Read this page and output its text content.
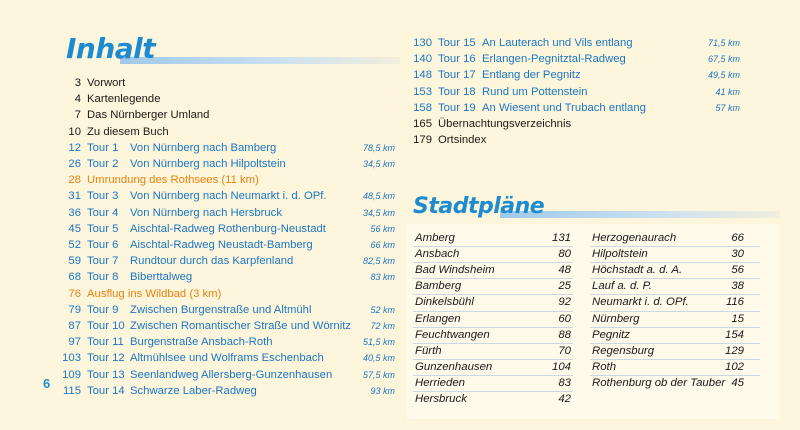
Inhalt
3 Vorwort
4 Kartenlegende
7 Das Nürnberger Umland
10 Zu diesem Buch
12 Tour 1 Von Nürnberg nach Bamberg	78,5 km
26 Tour 2 Von Nürnberg nach Hilpoltstein	34,5 km
28 Umrundung des Rothsees (11 km)
31 Tour 3 Von Nürnberg nach Neumarkt i. d. OPf.	48,5 km
36 Tour 4 Von Nürnberg nach Hersbruck	34,5 km
45 Tour 5 Aischtal-Radweg Rothenburg-Neustadt	56 km
52 Tour 6 Aischtal-Radweg Neustadt-Bamberg	66 km
59 Tour 7 Rundtour durch das Karpfenland	82,5 km
68 Tour 8 Biberttalweg	83 km
76 Ausflug ins Wildbad (3 km)
79 Tour 9 Zwischen Burgenstraße und Altmühl	52 km
87 Tour 10 Zwischen Romantischer Straße und Wörnitz 72 km
97 Tour 11 Burgenstraße Ansbach-Roth	51,5 km
103 Tour 12 Altmühlsee und Wolframs Eschenbach	40,5 km
109 Tour 13 Seenlandweg Allersberg-Gunzenhausen	57,5 km
115 Tour 14 Schwarze Laber-Radweg	93 km
130 Tour 15 An Lauterach und Vils entlang	71,5 km
140 Tour 16 Erlangen-Pegnitztal-Radweg	67,5 km
148 Tour 17 Entlang der Pegnitz	49,5 km
153 Tour 18 Rund um Pottenstein	41 km
158 Tour 19 An Wiesent und Trubach entlang	57 km
165 Übernachtungsverzeichnis
179 Ortsindex
6
Stadtpläne
Amberg	131
Ansbach	80
Bad Windsheim	48
Bamberg	25
Dinkelsbühl	92
Erlangen	60
Feuchtwangen	88
Fürth	70
Gunzenhausen	104
Herrieden	83
Hersbruck	42
Herzogenaurach	66
Hilpoltstein	30
Höchstadt a. d. A.	56
Lauf a. d. P.	38
Neumarkt i. d. OPf.	116
Nürnberg	15
Pegnitz	154
Regensburg	129
Roth	102
Rothenburg ob der Tauber 45
